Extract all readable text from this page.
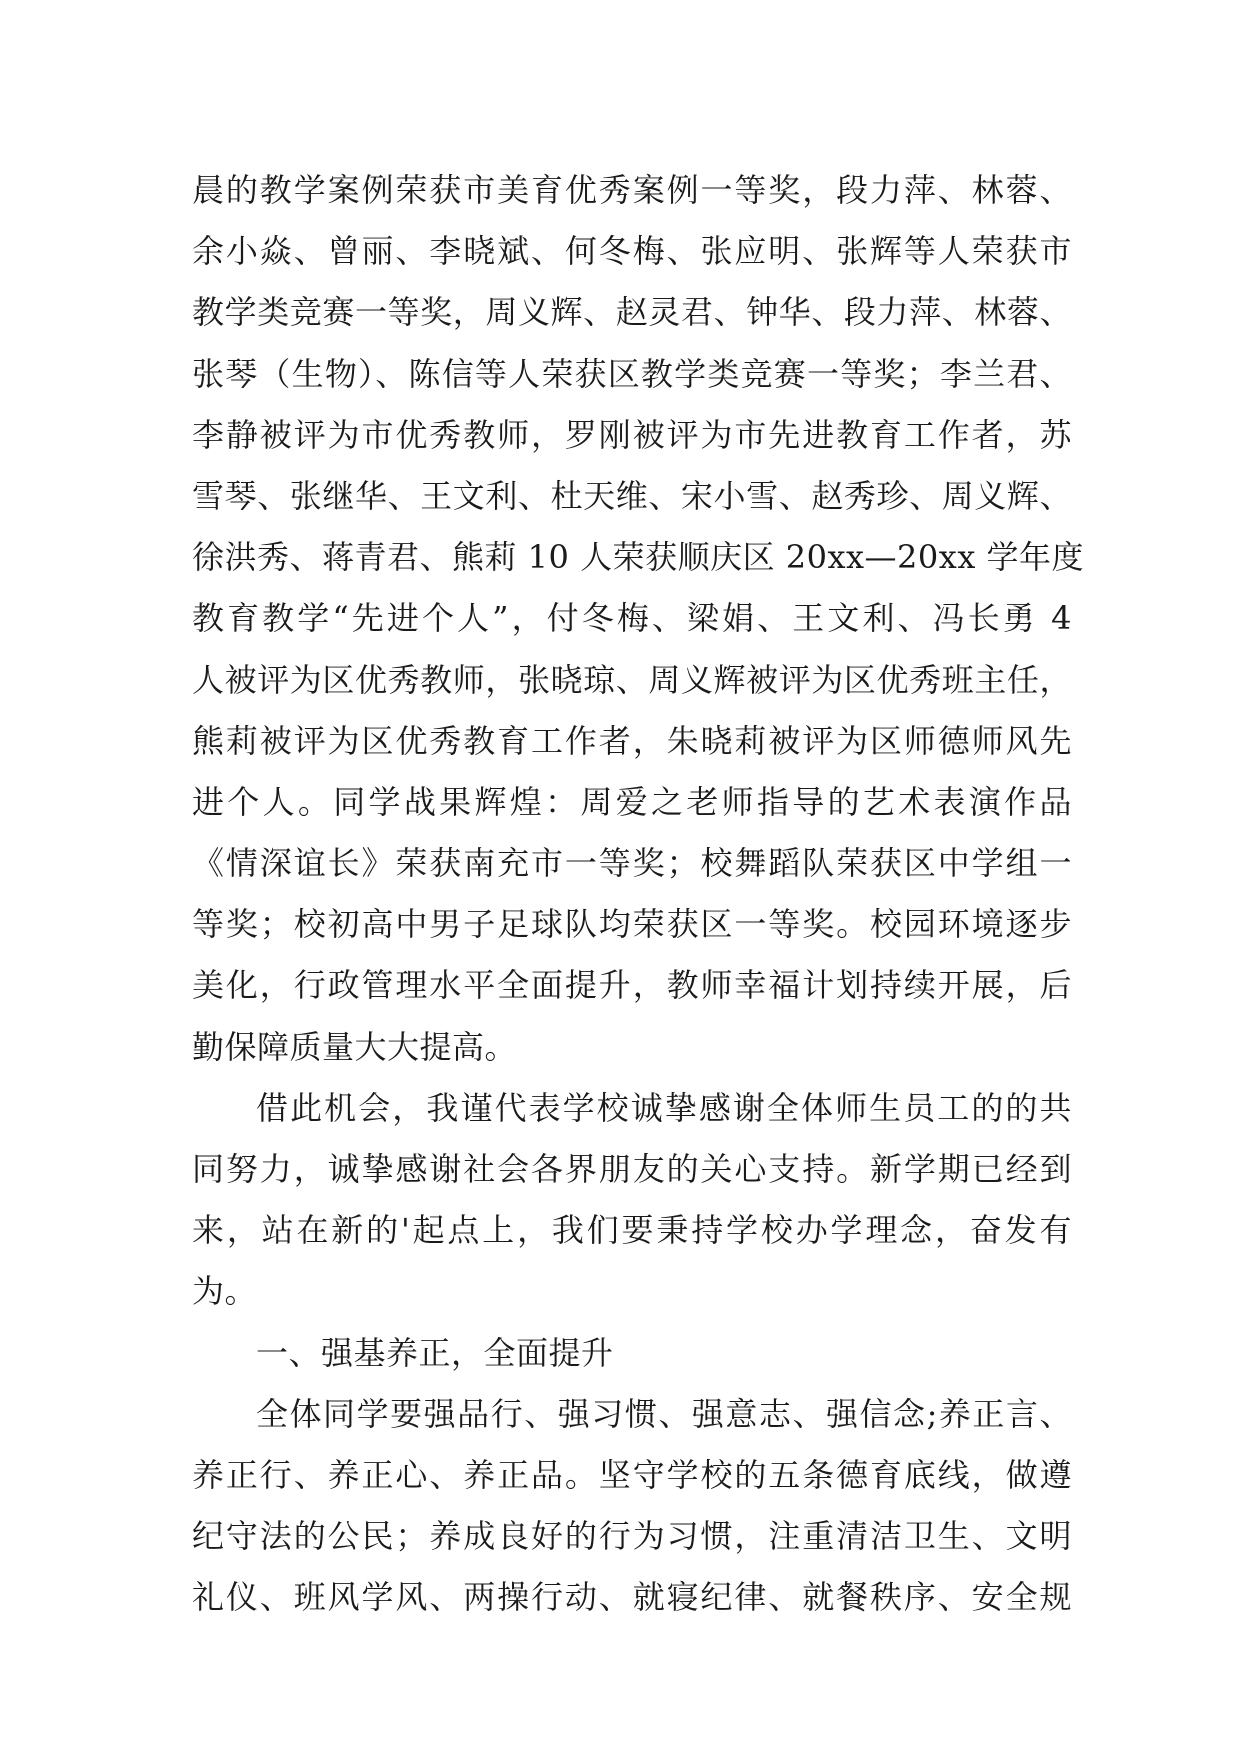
晨的教学案例荣获市美育优秀案例一等奖，段力萍、林蓉、
余小焱、曾丽、李晓斌、何冬梅、张应明、张辉等人荣获市
教学类竞赛一等奖，周义辉、赵灵君、钟华、段力萍、林蓉、
张琴（生物）、陈信等人荣获区教学类竞赛一等奖；李兰君、
李静被评为市优秀教师，罗刚被评为市先进教育工作者，苏
雪琴、张继华、王文利、杜天维、宋小雪、赵秀珍、周义辉、
徐洪秀、蒋青君、熊莉 10 人荣获顺庆区 20xx—20xx 学年度
教育教学“先进个人”，付冬梅、梁娟、王文利、冯长勇 4
人被评为区优秀教师，张晓琼、周义辉被评为区优秀班主任，
熊莉被评为区优秀教育工作者，朱晓莉被评为区师德师风先
进个人。同学战果辉煌：周爱之老师指导的艺术表演作品
《情深谊长》荣获南充市一等奖；校舞蹈队荣获区中学组一
等奖；校初高中男子足球队均荣获区一等奖。校园环境逐步
美化，行政管理水平全面提升，教师幸福计划持续开展，后
勤保障质量大大提高。
借此机会，我谨代表学校诚挚感谢全体师生员工的的共
同努力，诚挚感谢社会各界朋友的关心支持。新学期已经到
来，站在新的'起点上，我们要秉持学校办学理念，奋发有
为。
一、强基养正，全面提升
全体同学要强品行、强习惯、强意志、强信念;养正言、
养正行、养正心、养正品。坚守学校的五条德育底线，做遵
纪守法的公民；养成良好的行为习惯，注重清洁卫生、文明
礼仪、班风学风、两操行动、就寝纪律、就餐秩序、安全规
